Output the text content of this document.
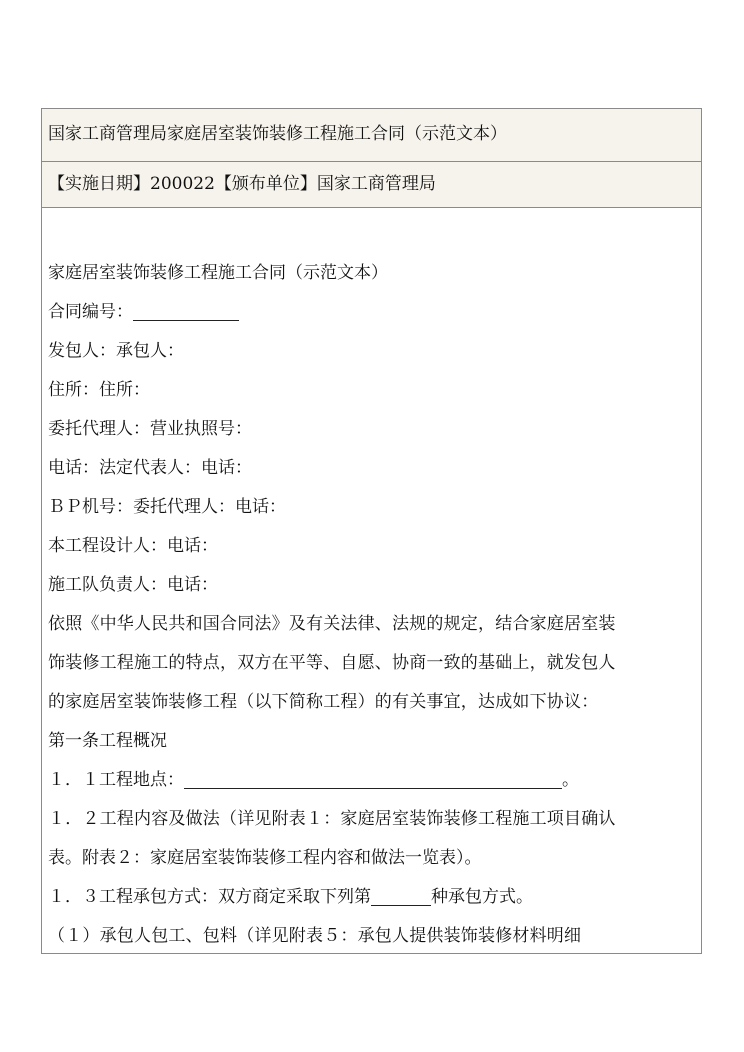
国家工商管理局家庭居室装饰装修工程施工合同（示范文本）
【实施日期】200022【颁布单位】国家工商管理局
家庭居室装饰装修工程施工合同（示范文本）
合同编号：
发包人：承包人：
住所：住所：
委托代理人：营业执照号：
电话：法定代表人：电话：
ＢＰ机号：委托代理人：电话：
本工程设计人：电话：
施工队负责人：电话：
依照《中华人民共和国合同法》及有关法律、法规的规定，结合家庭居室装
饰装修工程施工的特点，双方在平等、自愿、协商一致的基础上，就发包人
的家庭居室装饰装修工程（以下简称工程）的有关事宜，达成如下协议：
第一条工程概况
１．１工程地点：	。
１．２工程内容及做法（详见附表１：家庭居室装饰装修工程施工项目确认
表。附表２：家庭居室装饰装修工程内容和做法一览表）。
１．３工程承包方式：双方商定采取下列第	种承包方式。
（１）承包人包工、包料（详见附表５：承包人提供装饰装修材料明细
